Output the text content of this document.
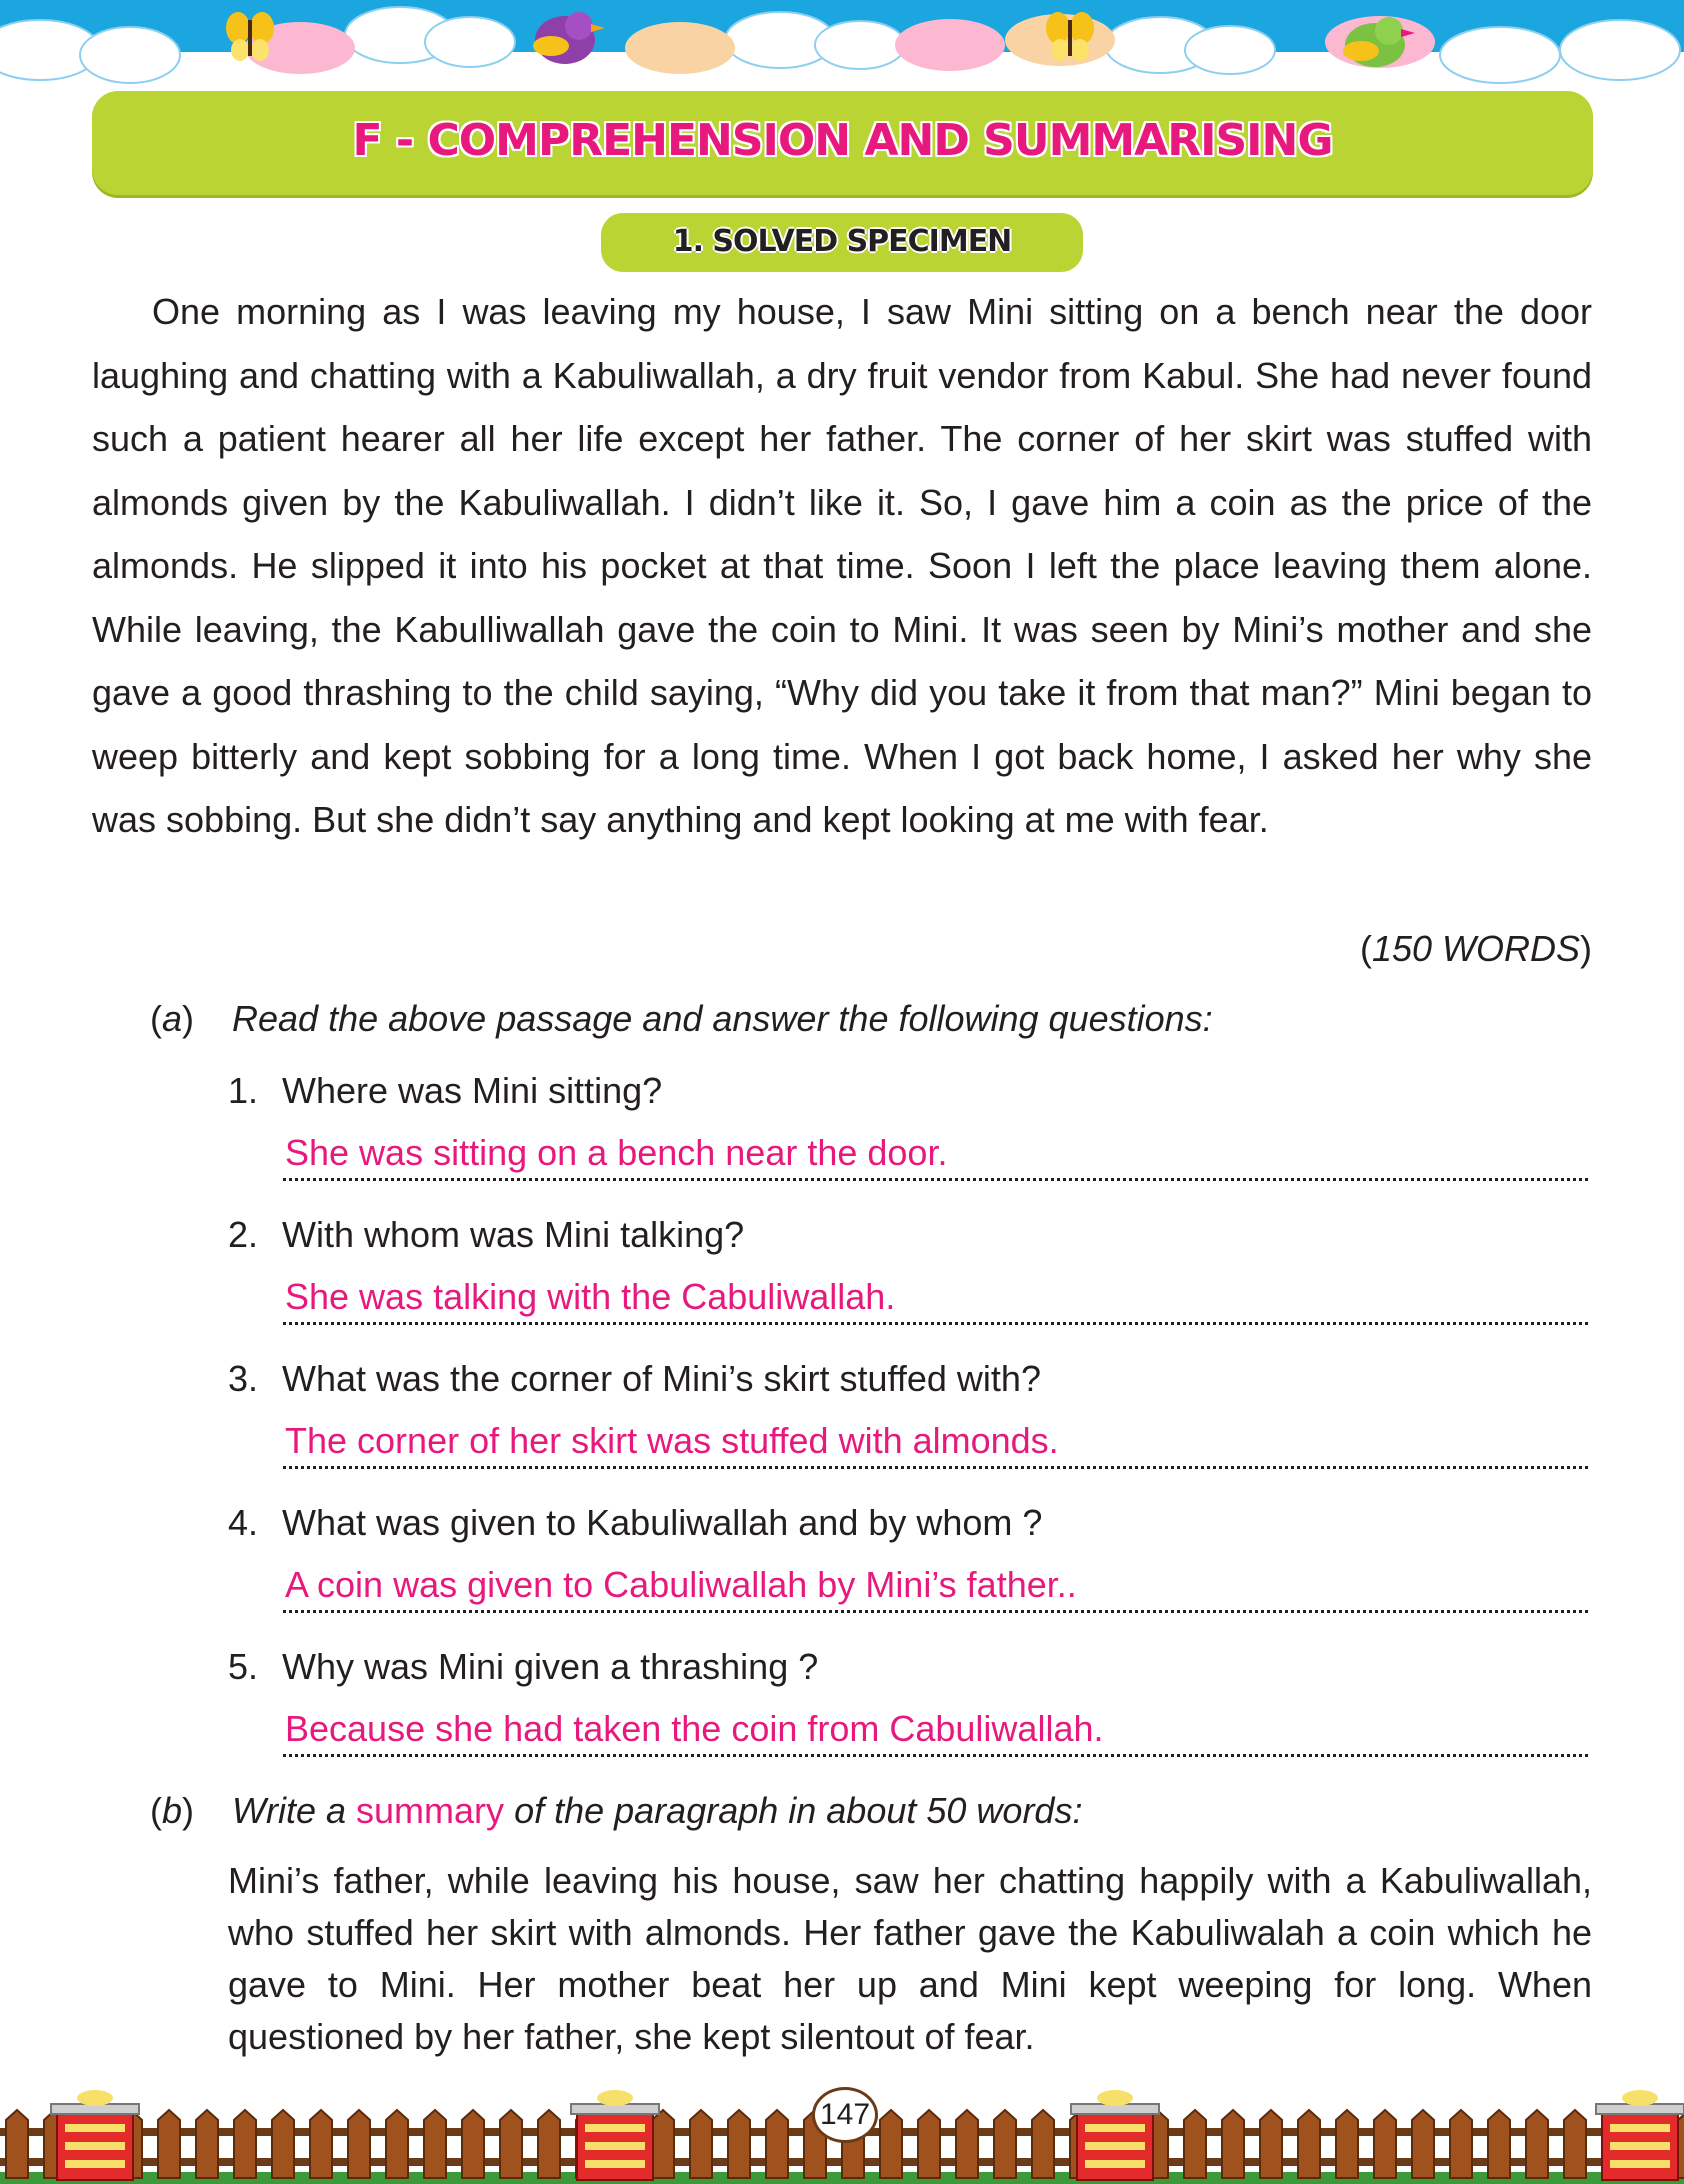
F - COMPREHENSION AND SUMMARISING
1. SOLVED SPECIMEN
One morning as I was leaving my house, I saw Mini sitting on a bench near the door laughing and chatting with a Kabuliwallah, a dry fruit vendor from Kabul. She had never found such a patient hearer all her life except her father. The corner of her skirt was stuffed with almonds given by the Kabuliwallah. I didn’t like it. So, I gave him a coin as the price of the almonds. He slipped it into his pocket at that time. Soon I left the place leaving them alone. While leaving, the Kabulliwallah gave the coin to Mini. It was seen by Mini’s mother and she gave a good thrashing to the child saying, “Why did you take it from that man?” Mini began to weep bitterly and kept sobbing for a long time. When I got back home, I asked her why she was sobbing. But she didn’t say anything and kept looking at me with fear.
(150 WORDS)
(a) Read the above passage and answer the following questions:
1. Where was Mini sitting?
She was sitting on a bench near the door.
2. With whom was Mini talking?
She was talking with the Cabuliwallah.
3. What was the corner of Mini’s skirt stuffed with?
The corner of her skirt was stuffed with almonds.
4. What was given to Kabuliwallah and by whom ?
A coin was given to Cabuliwallah by Mini’s father..
5. Why was Mini given a thrashing ?
Because she had taken the coin from Cabuliwallah.
(b) Write a summary of the paragraph in about 50 words:
Mini’s father, while leaving his house, saw her chatting happily with a Kabuliwallah, who stuffed her skirt with almonds. Her father gave the Kabuliwalah a coin which he gave to Mini. Her mother beat her up and Mini kept weeping for long. When questioned by her father, she kept silentout of fear.
147
